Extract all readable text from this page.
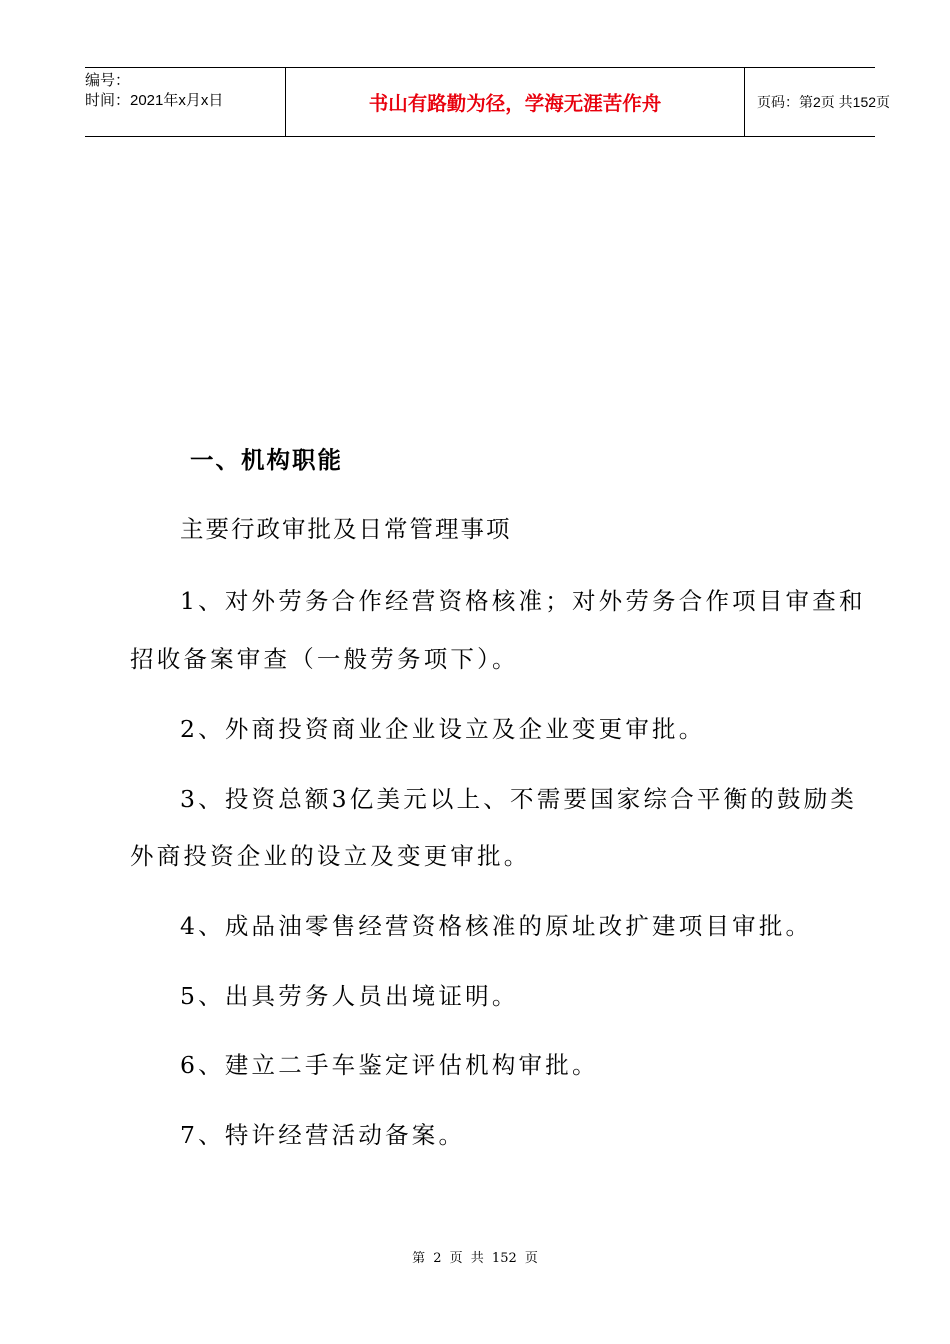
编号：
时间：2021年x月x日	书山有路勤为径，学海无涯苦作舟	页码：第2页 共152页
一、机构职能
主要行政审批及日常管理事项
1、对外劳务合作经营资格核准；对外劳务合作项目审查和
招收备案审查（一般劳务项下）。
2、外商投资商业企业设立及企业变更审批。
3、投资总额3亿美元以上、不需要国家综合平衡的鼓励类
外商投资企业的设立及变更审批。
4、成品油零售经营资格核准的原址改扩建项目审批。
5、出具劳务人员出境证明。
6、建立二手车鉴定评估机构审批。
7、特许经营活动备案。
第 2 页 共 152 页
